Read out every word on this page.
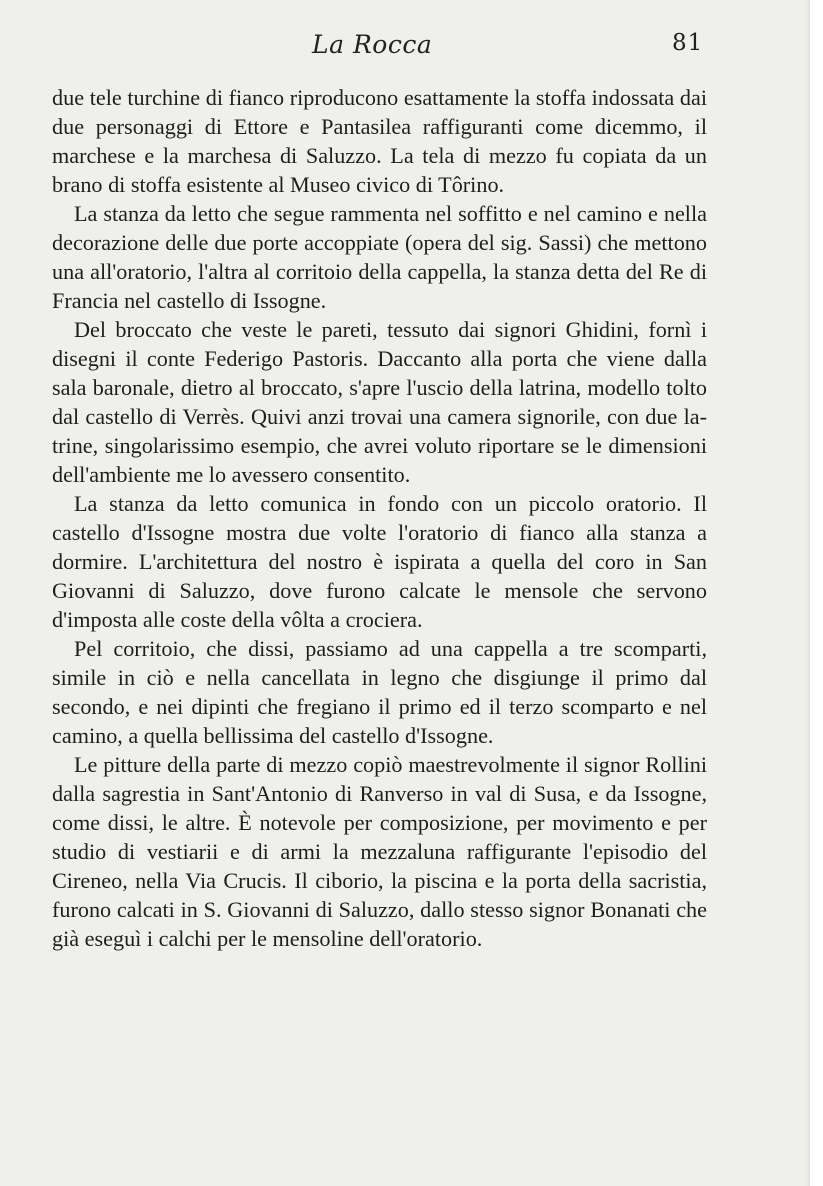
La Rocca	81

due tele turchine di fianco riproducono esattamente la stoffa indossata dai due personaggi di Ettore e Pantasilea raffiguranti come dicemmo, il marchese e la marchesa di Saluzzo. La tela di mezzo fu copiata da un brano di stoffa esistente al Museo civico di Tôrino.

La stanza da letto che segue rammenta nel soffitto e nel camino e nella decorazione delle due porte accoppiate (opera del sig. Sassi) che mettono una all'oratorio, l'altra al corritoio della cappella, la stanza detta del Re di Francia nel castello di Issogne.

Del broccato che veste le pareti, tessuto dai signori Ghidini, fornì i disegni il conte Federigo Pastoris. Daccanto alla porta che viene dalla sala baronale, dietro al broccato, s'apre l'uscio della latrina, modello tolto dal castello di Verrès. Quivi anzi trovai una camera signorile, con due latrine, singolarissimo esempio, che avrei voluto riportare se le dimensioni dell'ambiente me lo avessero consentito.

La stanza da letto comunica in fondo con un piccolo oratorio. Il castello d'Issogne mostra due volte l'oratorio di fianco alla stanza a dormire. L'architettura del nostro è ispirata a quella del coro in San Giovanni di Saluzzo, dove furono calcate le mensole che servono d'imposta alle coste della vôlta a crociera.

Pel corritoio, che dissi, passiamo ad una cappella a tre scomparti, simile in ciò e nella cancellata in legno che disgiunge il primo dal secondo, e nei dipinti che fregiano il primo ed il terzo scomparto e nel camino, a quella bellissima del castello d'Issogne.

Le pitture della parte di mezzo copiò maestrevolmente il signor Rollini dalla sagrestia in Sant'Antonio di Ranverso in val di Susa, e da Issogne, come dissi, le altre. È notevole per composizione, per movimento e per studio di vestiarii e di armi la mezzaluna raffigurante l'episodio del Cireneo, nella Via Crucis. Il ciborio, la piscina e la porta della sacristia, furono calcati in S. Giovanni di Saluzzo, dallo stesso signor Bonanati che già eseguì i calchi per le mensoline dell'oratorio.
